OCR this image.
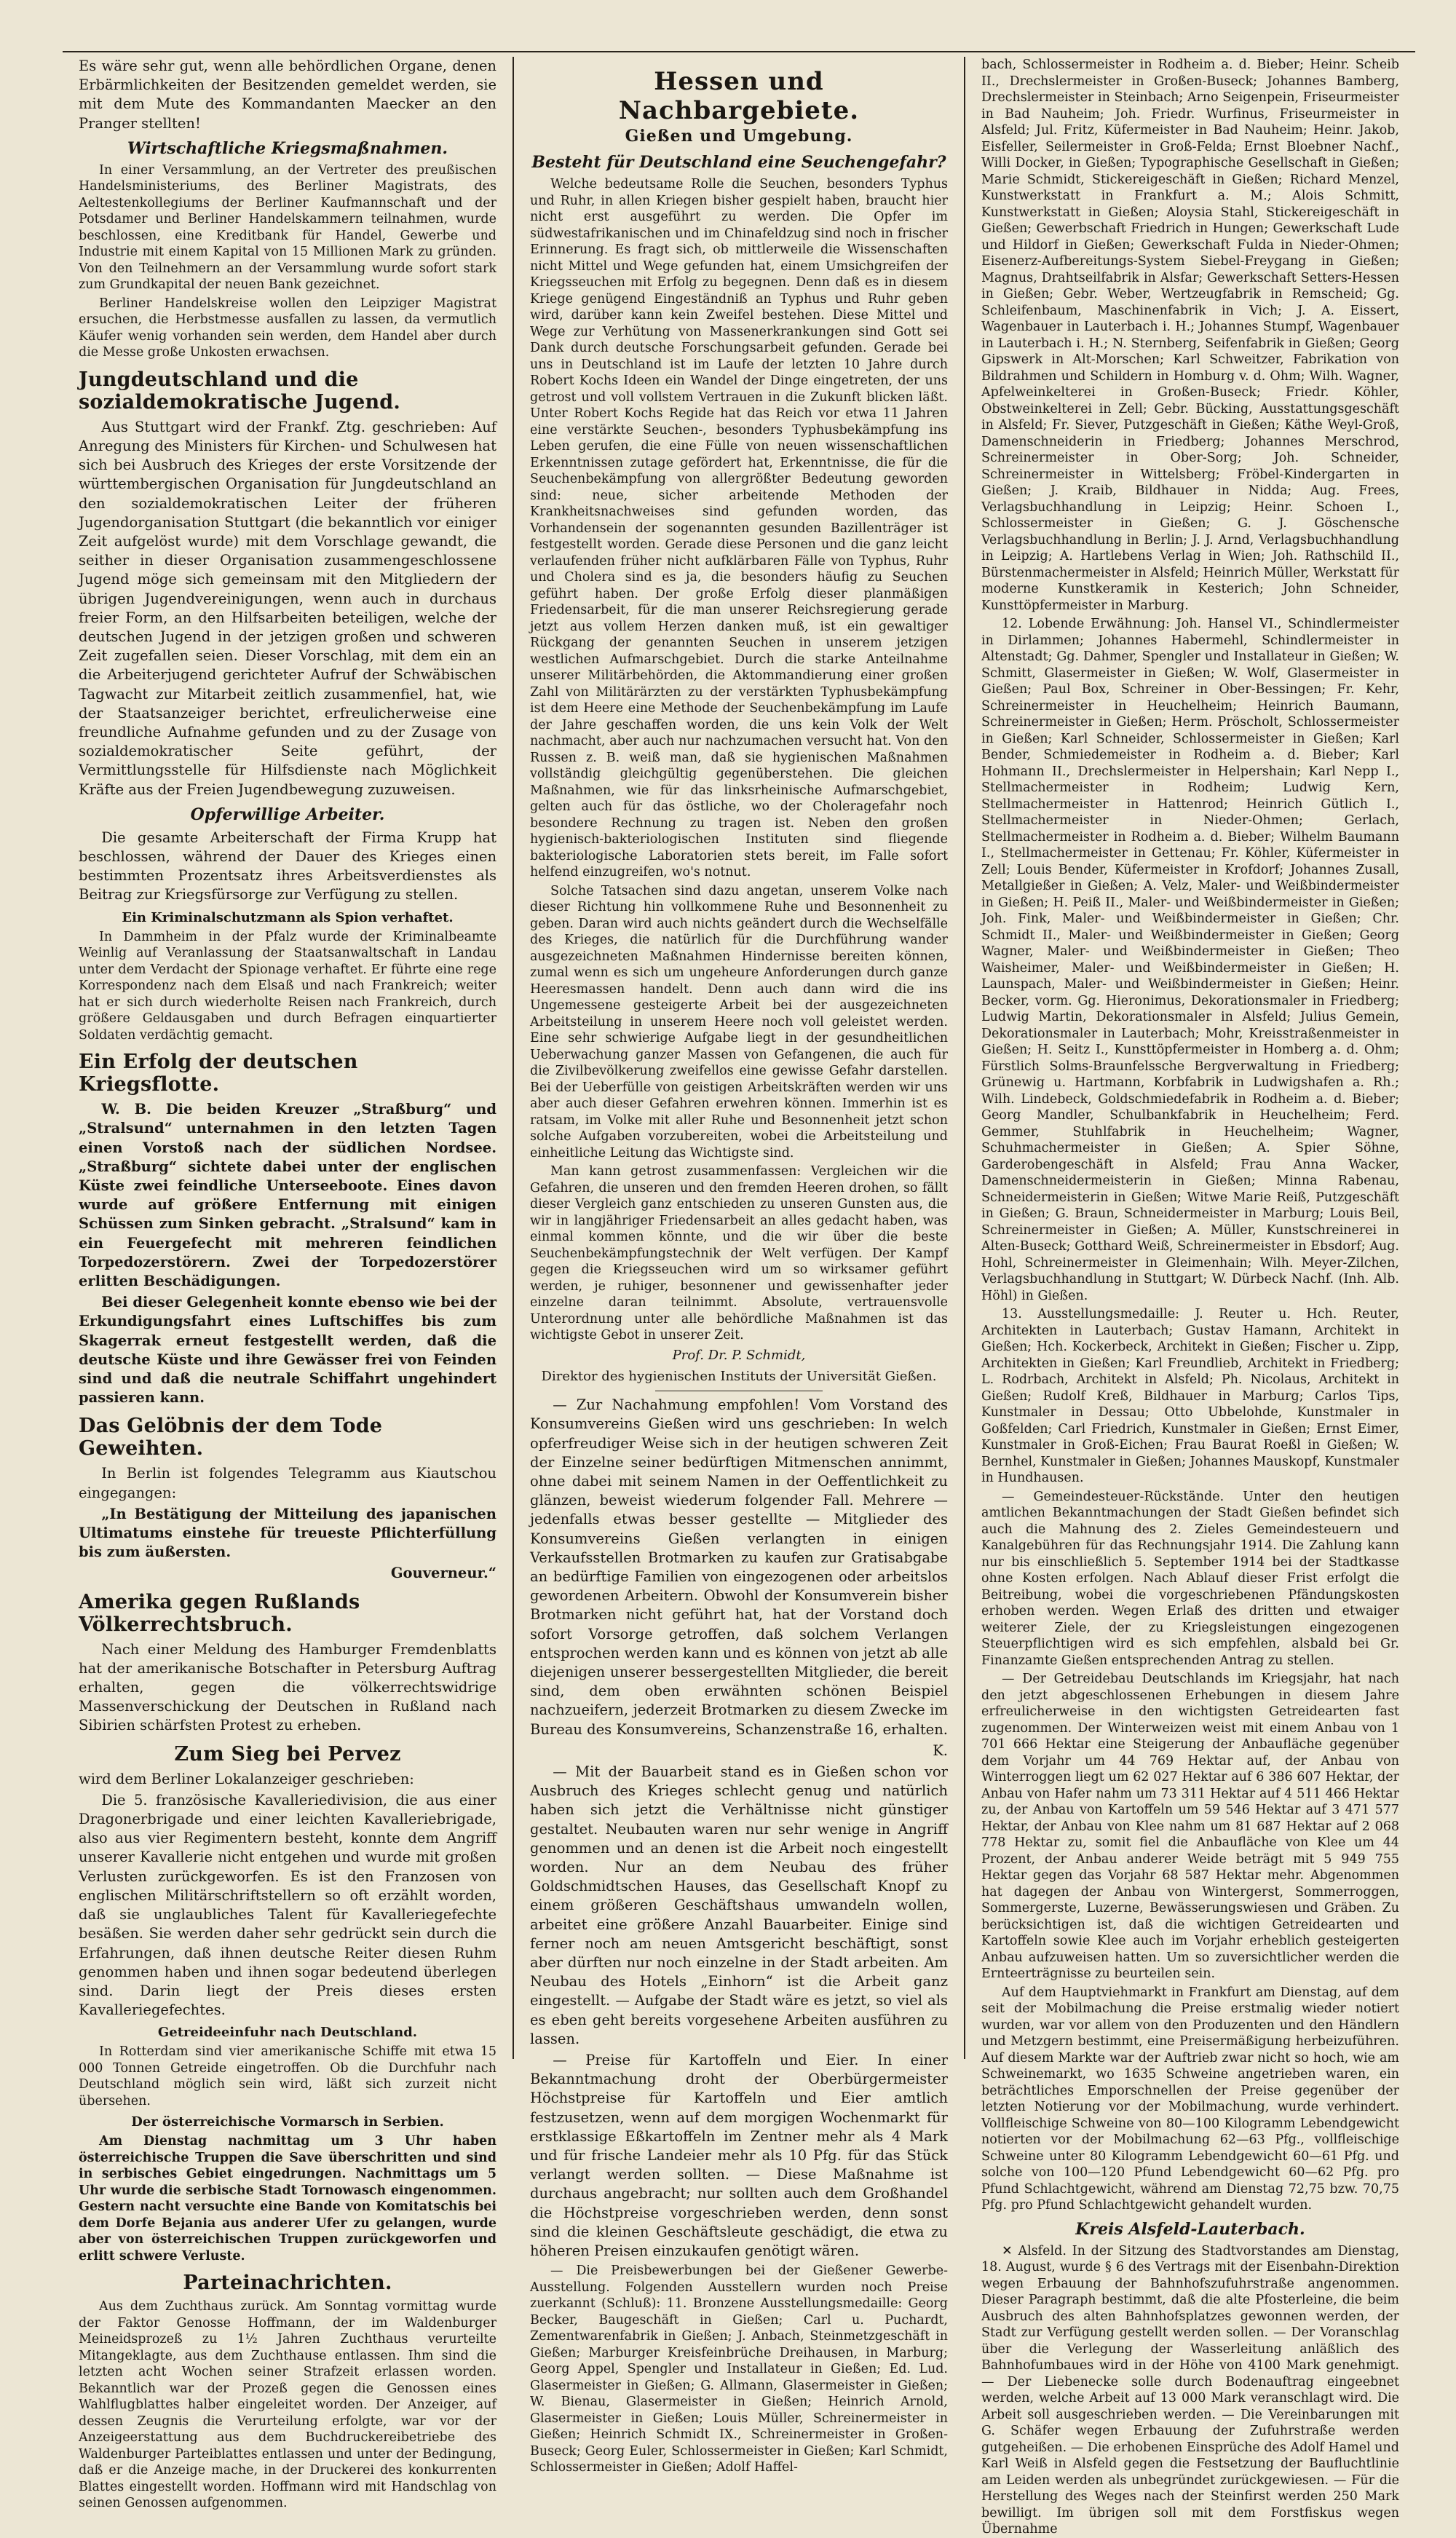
Es wäre sehr gut, wenn alle behördlichen Organe, denen Erbärmlichkeiten der Besitzenden gemeldet werden, sie mit dem Mute des Kommandanten Maecker an den Pranger stellten!

Wirtschaftliche Kriegsmaßnahmen.

In einer Versammlung, an der Vertreter des preußischen Handelsministeriums, des Berliner Magistrats, des Aeltestenkollegiums der Berliner Kaufmannschaft und der Potsdamer und Berliner Handelskammern teilnahmen, wurde beschlossen, eine Kreditbank für Handel, Gewerbe und Industrie mit einem Kapital von 15 Millionen Mark zu gründen. Von den Teilnehmern an der Versammlung wurde sofort stark zum Grundkapital der neuen Bank gezeichnet.

Berliner Handelskreise wollen den Leipziger Magistrat ersuchen, die Herbstmesse ausfallen zu lassen, da vermutlich Käufer wenig vorhanden sein werden, dem Handel aber durch die Messe große Unkosten erwachsen.

Jungdeutschland und die sozialdemokratische Jugend.

Aus Stuttgart wird der Frankf. Ztg. geschrieben: Auf Anregung des Ministers für Kirchen- und Schulwesen hat sich bei Ausbruch des Krieges der erste Vorsitzende der württembergischen Organisation für Jungdeutschland an den sozialdemokratischen Leiter der früheren Jugendorganisation Stuttgart (die bekanntlich vor einiger Zeit aufgelöst wurde) mit dem Vorschlage gewandt, die seither in dieser Organisation zusammengeschlossene Jugend möge sich gemeinsam mit den Mitgliedern der übrigen Jugendvereinigungen, wenn auch in durchaus freier Form, an den Hilfsarbeiten beteiligen, welche der deutschen Jugend in der jetzigen großen und schweren Zeit zugefallen seien. Dieser Vorschlag, mit dem ein an die Arbeiterjugend gerichteter Aufruf der Schwäbischen Tagwacht zur Mitarbeit zeitlich zusammenfiel, hat, wie der Staatsanzeiger berichtet, erfreulicherweise eine freundliche Aufnahme gefunden und zu der Zusage von sozialdemokratischer Seite geführt, der Vermittlungsstelle für Hilfsdienste nach Möglichkeit Kräfte aus der Freien Jugendbewegung zuzuweisen.

Opferwillige Arbeiter.

Die gesamte Arbeiterschaft der Firma Krupp hat beschlossen, während der Dauer des Krieges einen bestimmten Prozentsatz ihres Arbeitsverdienstes als Beitrag zur Kriegsfürsorge zur Verfügung zu stellen.

Ein Kriminalschutzmann als Spion verhaftet.

In Dammheim in der Pfalz wurde der Kriminalbeamte Weinlig auf Veranlassung der Staatsanwaltschaft in Landau unter dem Verdacht der Spionage verhaftet. Er führte eine rege Korrespondenz nach dem Elsaß und nach Frankreich; weiter hat er sich durch wiederholte Reisen nach Frankreich, durch größere Geldausgaben und durch Befragen einquartierter Soldaten verdächtig gemacht.

Ein Erfolg der deutschen Kriegsflotte.

W. B. Die beiden Kreuzer „Straßburg“ und „Stralsund“ unternahmen in den letzten Tagen einen Vorstoß nach der südlichen Nordsee. „Straßburg“ sichtete dabei unter der englischen Küste zwei feindliche Unterseeboote. Eines davon wurde auf größere Entfernung mit einigen Schüssen zum Sinken gebracht. „Stralsund“ kam in ein Feuergefecht mit mehreren feindlichen Torpedozerstörern. Zwei der Torpedozerstörer erlitten Beschädigungen.

Bei dieser Gelegenheit konnte ebenso wie bei der Erkundigungsfahrt eines Luftschiffes bis zum Skagerrak erneut festgestellt werden, daß die deutsche Küste und ihre Gewässer frei von Feinden sind und daß die neutrale Schiffahrt ungehindert passieren kann.

Das Gelöbnis der dem Tode Geweihten.

In Berlin ist folgendes Telegramm aus Kiautschou eingegangen:

„In Bestätigung der Mitteilung des japanischen Ultimatums einstehe für treueste Pflichterfüllung bis zum äußersten.

Gouverneur.“

Amerika gegen Rußlands Völkerrechtsbruch.

Nach einer Meldung des Hamburger Fremdenblatts hat der amerikanische Botschafter in Petersburg Auftrag erhalten, gegen die völkerrechtswidrige Massenverschickung der Deutschen in Rußland nach Sibirien schärfsten Protest zu erheben.

Zum Sieg bei Pervez

wird dem Berliner Lokalanzeiger geschrieben:

Die 5. französische Kavalleriedivision, die aus einer Dragonerbrigade und einer leichten Kavalleriebrigade, also aus vier Regimentern besteht, konnte dem Angriff unserer Kavallerie nicht entgehen und wurde mit großen Verlusten zurückgeworfen. Es ist den Franzosen von englischen Militärschriftstellern so oft erzählt worden, daß sie unglaubliches Talent für Kavalleriegefechte besäßen. Sie werden daher sehr gedrückt sein durch die Erfahrungen, daß ihnen deutsche Reiter diesen Ruhm genommen haben und ihnen sogar bedeutend überlegen sind. Darin liegt der Preis dieses ersten Kavalleriegefechtes.

Getreideeinfuhr nach Deutschland.

In Rotterdam sind vier amerikanische Schiffe mit etwa 15 000 Tonnen Getreide eingetroffen. Ob die Durchfuhr nach Deutschland möglich sein wird, läßt sich zurzeit nicht übersehen.

Der österreichische Vormarsch in Serbien.

Am Dienstag nachmittag um 3 Uhr haben österreichische Truppen die Save überschritten und sind in serbisches Gebiet eingedrungen. Nachmittags um 5 Uhr wurde die serbische Stadt Tornowasch eingenommen. Gestern nacht versuchte eine Bande von Komitatschis bei dem Dorfe Bejania aus anderer Ufer zu gelangen, wurde aber von österreichischen Truppen zurückgeworfen und erlitt schwere Verluste.

Parteinachrichten.

Aus dem Zuchthaus zurück. Am Sonntag vormittag wurde der Faktor Genosse Hoffmann, der im Waldenburger Meineidsprozeß zu 1½ Jahren Zuchthaus verurteilte Mitangeklagte, aus dem Zuchthause entlassen. Ihm sind die letzten acht Wochen seiner Strafzeit erlassen worden. Bekanntlich war der Prozeß gegen die Genossen eines Wahlflugblattes halber eingeleitet worden. Der Anzeiger, auf dessen Zeugnis die Verurteilung erfolgte, war vor der Anzeigeerstattung aus dem Buchdruckereibetriebe des Waldenburger Parteiblattes entlassen und unter der Bedingung, daß er die Anzeige mache, in der Druckerei des konkurrenten Blattes eingestellt worden. Hoffmann wird mit Handschlag von seinen Genossen aufgenommen.

Hessen und Nachbargebiete.
Gießen und Umgebung.
Besteht für Deutschland eine Seuchengefahr?

Welche bedeutsame Rolle die Seuchen, besonders Typhus und Ruhr, in allen Kriegen bisher gespielt haben, braucht hier nicht erst ausgeführt zu werden. Die Opfer im südwestafrikanischen und im Chinafeldzug sind noch in frischer Erinnerung. Es fragt sich, ob mittlerweile die Wissenschaften nicht Mittel und Wege gefunden hat, einem Umsichgreifen der Kriegsseuchen mit Erfolg zu begegnen. Denn daß es in diesem Kriege genügend Eingeständniß an Typhus und Ruhr geben wird, darüber kann kein Zweifel bestehen. Diese Mittel und Wege zur Verhütung von Massenerkrankungen sind Gott sei Dank durch deutsche Forschungsarbeit gefunden. Gerade bei uns in Deutschland ist im Laufe der letzten 10 Jahre durch Robert Kochs Ideen ein Wandel der Dinge eingetreten, der uns getrost und voll vollstem Vertrauen in die Zukunft blicken läßt. Unter Robert Kochs Regide hat das Reich vor etwa 11 Jahren eine verstärkte Seuchen-, besonders Typhusbekämpfung ins Leben gerufen, die eine Fülle von neuen wissenschaftlichen Erkenntnissen zutage gefördert hat, Erkenntnisse, die für die Seuchenbekämpfung von allergrößter Bedeutung geworden sind: neue, sicher arbeitende Methoden der Krankheitsnachweises sind gefunden worden, das Vorhandensein der sogenannten gesunden Bazillenträger ist festgestellt worden. Gerade diese Personen und die ganz leicht verlaufenden früher nicht aufklärbaren Fälle von Typhus, Ruhr und Cholera sind es ja, die besonders häufig zu Seuchen geführt haben. Der große Erfolg dieser planmäßigen Friedensarbeit, für die man unserer Reichsregierung gerade jetzt aus vollem Herzen danken muß, ist ein gewaltiger Rückgang der genannten Seuchen in unserem jetzigen westlichen Aufmarschgebiet. Durch die starke Anteilnahme unserer Militärbehörden, die Aktommandierung einer großen Zahl von Militärärzten zu der verstärkten Typhusbekämpfung ist dem Heere eine Methode der Seuchenbekämpfung im Laufe der Jahre geschaffen worden, die uns kein Volk der Welt nachmacht, aber auch nur nachzumachen versucht hat. Von den Russen z. B. weiß man, daß sie hygienischen Maßnahmen vollständig gleichgültig gegenüberstehen. Die gleichen Maßnahmen, wie für das linksrheinische Aufmarschgebiet, gelten auch für das östliche, wo der Choleragefahr noch besondere Rechnung zu tragen ist. Neben den großen hygienisch-bakteriologischen Instituten sind fliegende bakteriologische Laboratorien stets bereit, im Falle sofort helfend einzugreifen, wo's notnut.

Solche Tatsachen sind dazu angetan, unserem Volke nach dieser Richtung hin vollkommene Ruhe und Besonnenheit zu geben. Daran wird auch nichts geändert durch die Wechselfälle des Krieges, die natürlich für die Durchführung wander ausgezeichneten Maßnahmen Hindernisse bereiten können, zumal wenn es sich um ungeheure Anforderungen durch ganze Heeresmassen handelt. Denn auch dann wird die ins Ungemessene gesteigerte Arbeit bei der ausgezeichneten Arbeitsteilung in unserem Heere noch voll geleistet werden. Eine sehr schwierige Aufgabe liegt in der gesundheitlichen Ueberwachung ganzer Massen von Gefangenen, die auch für die Zivilbevölkerung zweifellos eine gewisse Gefahr darstellen. Bei der Ueberfülle von geistigen Arbeitskräften werden wir uns aber auch dieser Gefahren erwehren können. Immerhin ist es ratsam, im Volke mit aller Ruhe und Besonnenheit jetzt schon solche Aufgaben vorzubereiten, wobei die Arbeitsteilung und einheitliche Leitung das Wichtigste sind.

Man kann getrost zusammenfassen: Vergleichen wir die Gefahren, die unseren und den fremden Heeren drohen, so fällt dieser Vergleich ganz entschieden zu unseren Gunsten aus, die wir in langjähriger Friedensarbeit an alles gedacht haben, was einmal kommen könnte, und die wir über die beste Seuchenbekämpfungstechnik der Welt verfügen. Der Kampf gegen die Kriegsseuchen wird um so wirksamer geführt werden, je ruhiger, besonnener und gewissenhafter jeder einzelne daran teilnimmt. Absolute, vertrauensvolle Unterordnung unter alle behördliche Maßnahmen ist das wichtigste Gebot in unserer Zeit.

Prof. Dr. P. Schmidt,

Direktor des hygienischen Instituts der Universität Gießen.

— Zur Nachahmung empfohlen! Vom Vorstand des Konsumvereins Gießen wird uns geschrieben: In welch opferfreudiger Weise sich in der heutigen schweren Zeit der Einzelne seiner bedürftigen Mitmenschen annimmt, ohne dabei mit seinem Namen in der Oeffentlichkeit zu glänzen, beweist wiederum folgender Fall. Mehrere — jedenfalls etwas besser gestellte — Mitglieder des Konsumvereins Gießen verlangten in einigen Verkaufsstellen Brotmarken zu kaufen zur Gratisabgabe an bedürftige Familien von eingezogenen oder arbeitslos gewordenen Arbeitern. Obwohl der Konsumverein bisher Brotmarken nicht geführt hat, hat der Vorstand doch sofort Vorsorge getroffen, daß solchem Verlangen entsprochen werden kann und es können von jetzt ab alle diejenigen unserer bessergestellten Mitglieder, die bereit sind, dem oben erwähnten schönen Beispiel nachzueifern, jederzeit Brotmarken zu diesem Zwecke im Bureau des Konsumvereins, Schanzenstraße 16, erhalten.

K.

— Mit der Bauarbeit stand es in Gießen schon vor Ausbruch des Krieges schlecht genug und natürlich haben sich jetzt die Verhältnisse nicht günstiger gestaltet. Neubauten waren nur sehr wenige in Angriff genommen und an denen ist die Arbeit noch eingestellt worden. Nur an dem Neubau des früher Goldschmidtschen Hauses, das Gesellschaft Knopf zu einem größeren Geschäftshaus umwandeln wollen, arbeitet eine größere Anzahl Bauarbeiter. Einige sind ferner noch am neuen Amtsgericht beschäftigt, sonst aber dürften nur noch einzelne in der Stadt arbeiten. Am Neubau des Hotels „Einhorn“ ist die Arbeit ganz eingestellt. — Aufgabe der Stadt wäre es jetzt, so viel als es eben geht bereits vorgesehene Arbeiten ausführen zu lassen.

— Preise für Kartoffeln und Eier. In einer Bekanntmachung droht der Oberbürgermeister Höchstpreise für Kartoffeln und Eier amtlich festzusetzen, wenn auf dem morgigen Wochenmarkt für erstklassige Eßkartoffeln im Zentner mehr als 4 Mark und für frische Landeier mehr als 10 Pfg. für das Stück verlangt werden sollten. — Diese Maßnahme ist durchaus angebracht; nur sollten auch dem Großhandel die Höchstpreise vorgeschrieben werden, denn sonst sind die kleinen Geschäftsleute geschädigt, die etwa zu höheren Preisen einzukaufen genötigt wären.

— Die Preisbewerbungen bei der Gießener Gewerbe-Ausstellung. Folgenden Ausstellern wurden noch Preise zuerkannt (Schluß): 11. Bronzene Ausstellungsmedaille: Georg Becker, Baugeschäft in Gießen; Carl u. Puchardt, Zementwarenfabrik in Gießen; J. Anbach, Steinmetzgeschäft in Gießen; Marburger Kreisfeinbrüche Dreihausen, in Marburg; Georg Appel, Spengler und Installateur in Gießen; Ed. Lud. Glasermeister in Gießen; G. Allmann, Glasermeister in Gießen; W. Bienau, Glasermeister in Gießen; Heinrich Arnold, Glasermeister in Gießen; Louis Müller, Schreinermeister in Gießen; Heinrich Schmidt IX., Schreinermeister in Großen-Buseck; Georg Euler, Schlossermeister in Gießen; Karl Schmidt, Schlossermeister in Gießen; Adolf Haffel-

bach, Schlossermeister in Rodheim a. d. Bieber; Heinr. Scheib II., Drechslermeister in Großen-Buseck; Johannes Bamberg, Drechslermeister in Steinbach; Arno Seigenpein, Friseurmeister in Bad Nauheim; Joh. Friedr. Wurfinus, Friseurmeister in Alsfeld; Jul. Fritz, Küfermeister in Bad Nauheim; Heinr. Jakob, Eisfeller, Seilermeister in Groß-Felda; Ernst Bloebner Nachf., Willi Docker, in Gießen; Typographische Gesellschaft in Gießen; Marie Schmidt, Stickereigeschäft in Gießen; Richard Menzel, Kunstwerkstatt in Frankfurt a. M.; Alois Schmitt, Kunstwerkstatt in Gießen; Aloysia Stahl, Stickereigeschäft in Gießen; Gewerbschaft Friedrich in Hungen; Gewerkschaft Lude und Hildorf in Gießen; Gewerkschaft Fulda in Nieder-Ohmen; Eisenerz-Aufbereitungs-System Siebel-Freygang in Gießen; Magnus, Drahtseilfabrik in Alsfar; Gewerkschaft Setters-Hessen in Gießen; Gebr. Weber, Wertzeugfabrik in Remscheid; Gg. Schleifenbaum, Maschinenfabrik in Vich; J. A. Eissert, Wagenbauer in Lauterbach i. H.; Johannes Stumpf, Wagenbauer in Lauterbach i. H.; N. Sternberg, Seifenfabrik in Gießen; Georg Gipswerk in Alt-Morschen; Karl Schweitzer, Fabrikation von Bildrahmen und Schildern in Homburg v. d. Ohm; Wilh. Wagner, Apfelweinkelterei in Großen-Buseck; Friedr. Köhler, Obstweinkelterei in Zell; Gebr. Bücking, Ausstattungsgeschäft in Alsfeld; Fr. Siever, Putzgeschäft in Gießen; Käthe Weyl-Groß, Damenschneiderin in Friedberg; Johannes Merschrod, Schreinermeister in Ober-Sorg; Joh. Schneider, Schreinermeister in Wittelsberg; Fröbel-Kindergarten in Gießen; J. Kraib, Bildhauer in Nidda; Aug. Frees, Verlagsbuchhandlung in Leipzig; Heinr. Schoen I., Schlossermeister in Gießen; G. J. Göschensche Verlagsbuchhandlung in Berlin; J. J. Arnd, Verlagsbuchhandlung in Leipzig; A. Hartlebens Verlag in Wien; Joh. Rathschild II., Bürstenmachermeister in Alsfeld; Heinrich Müller, Werkstatt für moderne Kunstkeramik in Kesterich; John Schneider, Kunsttöpfermeister in Marburg.

12. Lobende Erwähnung: Joh. Hansel VI., Schindlermeister in Dirlammen; Johannes Habermehl, Schindlermeister in Altenstadt; Gg. Dahmer, Spengler und Installateur in Gießen; W. Schmitt, Glasermeister in Gießen; W. Wolf, Glasermeister in Gießen; Paul Box, Schreiner in Ober-Bessingen; Fr. Kehr, Schreinermeister in Heuchelheim; Heinrich Baumann, Schreinermeister in Gießen; Herm. Pröscholt, Schlossermeister in Gießen; Karl Schneider, Schlossermeister in Gießen; Karl Bender, Schmiedemeister in Rodheim a. d. Bieber; Karl Hohmann II., Drechslermeister in Helpershain; Karl Nepp I., Stellmachermeister in Rodheim; Ludwig Kern, Stellmachermeister in Hattenrod; Heinrich Gütlich I., Stellmachermeister in Nieder-Ohmen; Gerlach, Stellmachermeister in Rodheim a. d. Bieber; Wilhelm Baumann I., Stellmachermeister in Gettenau; Fr. Köhler, Küfermeister in Zell; Louis Bender, Küfermeister in Krofdorf; Johannes Zusall, Metallgießer in Gießen; A. Velz, Maler- und Weißbindermeister in Gießen; H. Peiß II., Maler- und Weißbindermeister in Gießen; Joh. Fink, Maler- und Weißbindermeister in Gießen; Chr. Schmidt II., Maler- und Weißbindermeister in Gießen; Georg Wagner, Maler- und Weißbindermeister in Gießen; Theo Waisheimer, Maler- und Weißbindermeister in Gießen; H. Launspach, Maler- und Weißbindermeister in Gießen; Heinr. Becker, vorm. Gg. Hieronimus, Dekorationsmaler in Friedberg; Ludwig Martin, Dekorationsmaler in Alsfeld; Julius Gemein, Dekorationsmaler in Lauterbach; Mohr, Kreisstraßenmeister in Gießen; H. Seitz I., Kunsttöpfermeister in Homberg a. d. Ohm; Fürstlich Solms-Braunfelssche Bergverwaltung in Friedberg; Grünewig u. Hartmann, Korbfabrik in Ludwigshafen a. Rh.; Wilh. Lindebeck, Goldschmiedefabrik in Rodheim a. d. Bieber; Georg Mandler, Schulbankfabrik in Heuchelheim; Ferd. Gemmer, Stuhlfabrik in Heuchelheim; Wagner, Schuhmachermeister in Gießen; A. Spier Söhne, Garderobengeschäft in Alsfeld; Frau Anna Wacker, Damenschneidermeisterin in Gießen; Minna Rabenau, Schneidermeisterin in Gießen; Witwe Marie Reiß, Putzgeschäft in Gießen; G. Braun, Schneidermeister in Marburg; Louis Beil, Schreinermeister in Gießen; A. Müller, Kunstschreinerei in Alten-Buseck; Gotthard Weiß, Schreinermeister in Ebsdorf; Aug. Hohl, Schreinermeister in Gleimenhain; Wilh. Meyer-Zilchen, Verlagsbuchhandlung in Stuttgart; W. Dürbeck Nachf. (Inh. Alb. Höhl) in Gießen.

13. Ausstellungsmedaille: J. Reuter u. Hch. Reuter, Architekten in Lauterbach; Gustav Hamann, Architekt in Gießen; Hch. Kockerbeck, Architekt in Gießen; Fischer u. Zipp, Architekten in Gießen; Karl Freundlieb, Architekt in Friedberg; L. Rodrbach, Architekt in Alsfeld; Ph. Nicolaus, Architekt in Gießen; Rudolf Kreß, Bildhauer in Marburg; Carlos Tips, Kunstmaler in Dessau; Otto Ubbelohde, Kunstmaler in Goßfelden; Carl Friedrich, Kunstmaler in Gießen; Ernst Eimer, Kunstmaler in Groß-Eichen; Frau Baurat Roeßl in Gießen; W. Bernhel, Kunstmaler in Gießen; Johannes Mauskopf, Kunstmaler in Hundhausen.

— Gemeindesteuer-Rückstände. Unter den heutigen amtlichen Bekanntmachungen der Stadt Gießen befindet sich auch die Mahnung des 2. Zieles Gemeindesteuern und Kanalgebühren für das Rechnungsjahr 1914. Die Zahlung kann nur bis einschließlich 5. September 1914 bei der Stadtkasse ohne Kosten erfolgen. Nach Ablauf dieser Frist erfolgt die Beitreibung, wobei die vorgeschriebenen Pfändungskosten erhoben werden. Wegen Erlaß des dritten und etwaiger weiterer Ziele, der zu Kriegsleistungen eingezogenen Steuerpflichtigen wird es sich empfehlen, alsbald bei Gr. Finanzamte Gießen entsprechenden Antrag zu stellen.

— Der Getreidebau Deutschlands im Kriegsjahr, hat nach den jetzt abgeschlossenen Erhebungen in diesem Jahre erfreulicherweise in den wichtigsten Getreidearten fast zugenommen. Der Winterweizen weist mit einem Anbau von 1 701 666 Hektar eine Steigerung der Anbaufläche gegenüber dem Vorjahr um 44 769 Hektar auf, der Anbau von Winterroggen liegt um 62 027 Hektar auf 6 386 607 Hektar, der Anbau von Hafer nahm um 73 311 Hektar auf 4 511 466 Hektar zu, der Anbau von Kartoffeln um 59 546 Hektar auf 3 471 577 Hektar, der Anbau von Klee nahm um 81 687 Hektar auf 2 068 778 Hektar zu, somit fiel die Anbaufläche von Klee um 44 Prozent, der Anbau anderer Weide beträgt mit 5 949 755 Hektar gegen das Vorjahr 68 587 Hektar mehr. Abgenommen hat dagegen der Anbau von Wintergerst, Sommerroggen, Sommergerste, Luzerne, Bewässerungswiesen und Gräben. Zu berücksichtigen ist, daß die wichtigen Getreidearten und Kartoffeln sowie Klee auch im Vorjahr erheblich gesteigerten Anbau aufzuweisen hatten. Um so zuversichtlicher werden die Ernteerträgnisse zu beurteilen sein.

Auf dem Hauptviehmarkt in Frankfurt am Dienstag, auf dem seit der Mobilmachung die Preise erstmalig wieder notiert wurden, war vor allem von den Produzenten und den Händlern und Metzgern bestimmt, eine Preisermäßigung herbeizuführen. Auf diesem Markte war der Auftrieb zwar nicht so hoch, wie am Schweinemarkt, wo 1635 Schweine angetrieben waren, ein beträchtliches Emporschnellen der Preise gegenüber der letzten Notierung vor der Mobilmachung, wurde verhindert. Vollfleischige Schweine von 80—100 Kilogramm Lebendgewicht notierten vor der Mobilmachung 62—63 Pfg., vollfleischige Schweine unter 80 Kilogramm Lebendgewicht 60—61 Pfg. und solche von 100—120 Pfund Lebendgewicht 60—62 Pfg. pro Pfund Schlachtgewicht, während am Dienstag 72,75 bzw. 70,75 Pfg. pro Pfund Schlachtgewicht gehandelt wurden.

Kreis Alsfeld-Lauterbach.

✕ Alsfeld. In der Sitzung des Stadtvorstandes am Dienstag, 18. August, wurde § 6 des Vertrags mit der Eisenbahn-Direktion wegen Erbauung der Bahnhofszufuhrstraße angenommen. Dieser Paragraph bestimmt, daß die alte Pfosterleine, die beim Ausbruch des alten Bahnhofsplatzes gewonnen werden, der Stadt zur Verfügung gestellt werden sollen. — Der Voranschlag über die Verlegung der Wasserleitung anläßlich des Bahnhofumbaues wird in der Höhe von 4100 Mark genehmigt. — Der Liebenecke solle durch Bodenauftrag eingeebnet werden, welche Arbeit auf 13 000 Mark veranschlagt wird. Die Arbeit soll ausgeschrieben werden. — Die Vereinbarungen mit G. Schäfer wegen Erbauung der Zufuhrstraße werden gutgeheißen. — Die erhobenen Einsprüche des Adolf Hamel und Karl Weiß in Alsfeld gegen die Festsetzung der Baufluchtlinie am Leiden werden als unbegründet zurückgewiesen. — Für die Herstellung des Weges nach der Steinfirst werden 250 Mark bewilligt. Im übrigen soll mit dem Forstfiskus wegen Übernahme
